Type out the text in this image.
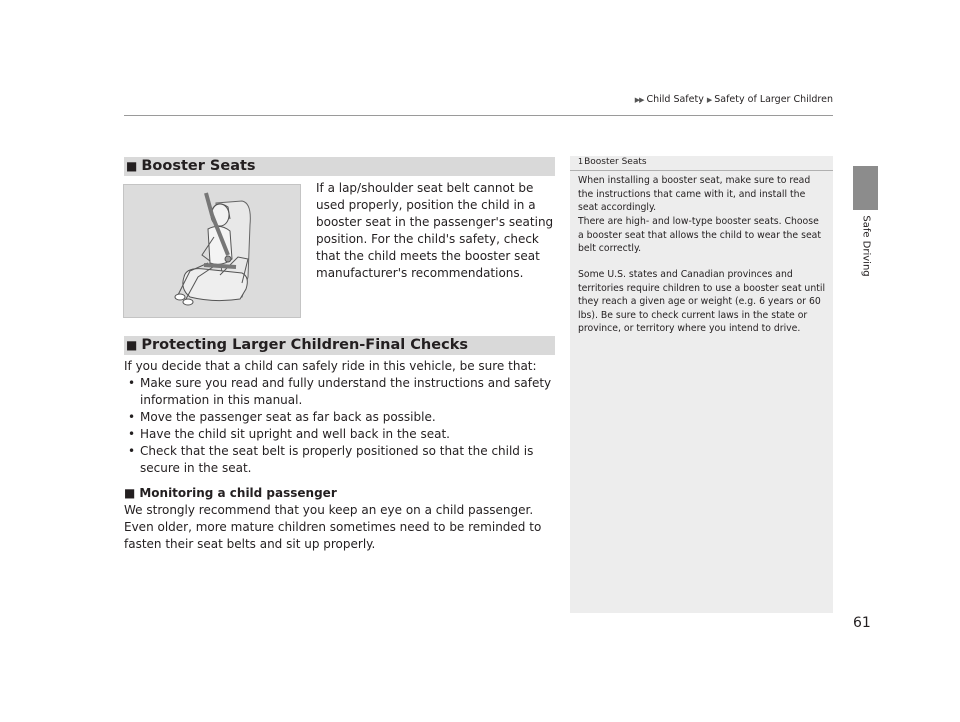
▶▶ Child Safety ▶ Safety of Larger Children
Safe Driving
■ Booster Seats
If a lap/shoulder seat belt cannot be used properly, position the child in a booster seat in the passenger's seating position. For the child's safety, check that the child meets the booster seat manufacturer's recommendations.
■ Protecting Larger Children-Final Checks
If you decide that a child can safely ride in this vehicle, be sure that:
• Make sure you read and fully understand the instructions and safety information in this manual.
• Move the passenger seat as far back as possible.
• Have the child sit upright and well back in the seat.
• Check that the seat belt is properly positioned so that the child is secure in the seat.
■ Monitoring a child passenger
We strongly recommend that you keep an eye on a child passenger. Even older, more mature children sometimes need to be reminded to fasten their seat belts and sit up properly.
1Booster Seats
When installing a booster seat, make sure to read the instructions that came with it, and install the seat accordingly.
There are high- and low-type booster seats. Choose a booster seat that allows the child to wear the seat belt correctly.
Some U.S. states and Canadian provinces and territories require children to use a booster seat until they reach a given age or weight (e.g. 6 years or 60 lbs). Be sure to check current laws in the state or province, or territory where you intend to drive.
61
